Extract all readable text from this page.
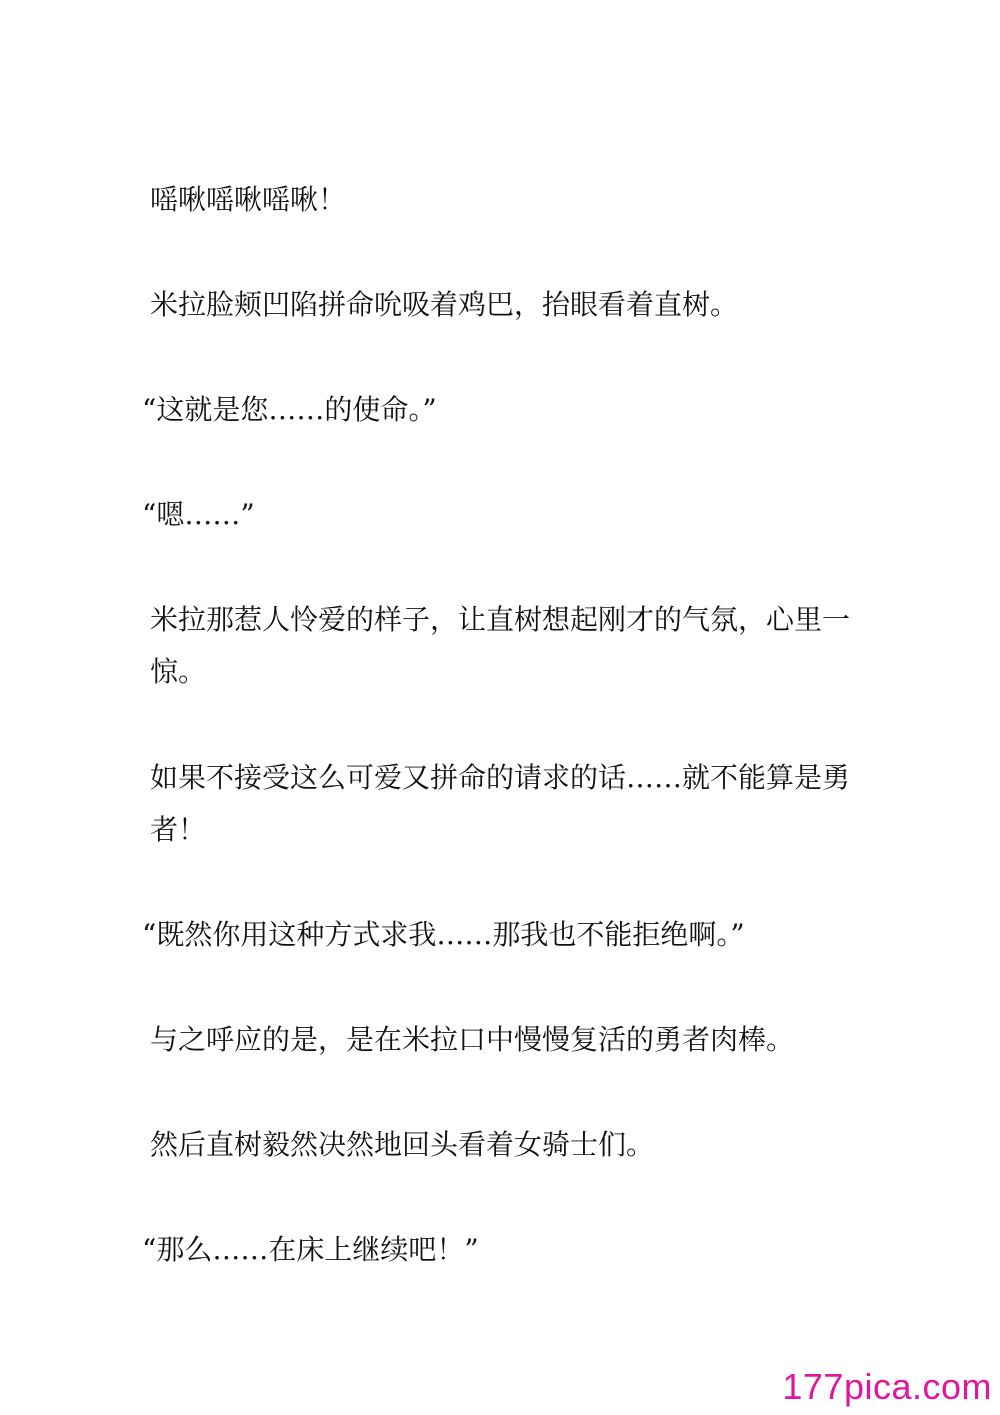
嗂啾嗂啾嗂啾！

米拉脸颊凹陷拼命吮吸着鸡巴，抬眼看着直树。

“这就是您……的使命。”

“嗯……”

米拉那惹人怜爱的样子，让直树想起刚才的气氛，心里一惊。

如果不接受这么可爱又拼命的请求的话……就不能算是勇者！

“既然你用这种方式求我……那我也不能拒绝啊。”

与之呼应的是，是在米拉口中慢慢复活的勇者肉棒。

然后直树毅然决然地回头看着女骑士们。

“那么……在床上继续吧！”

177pica.com
